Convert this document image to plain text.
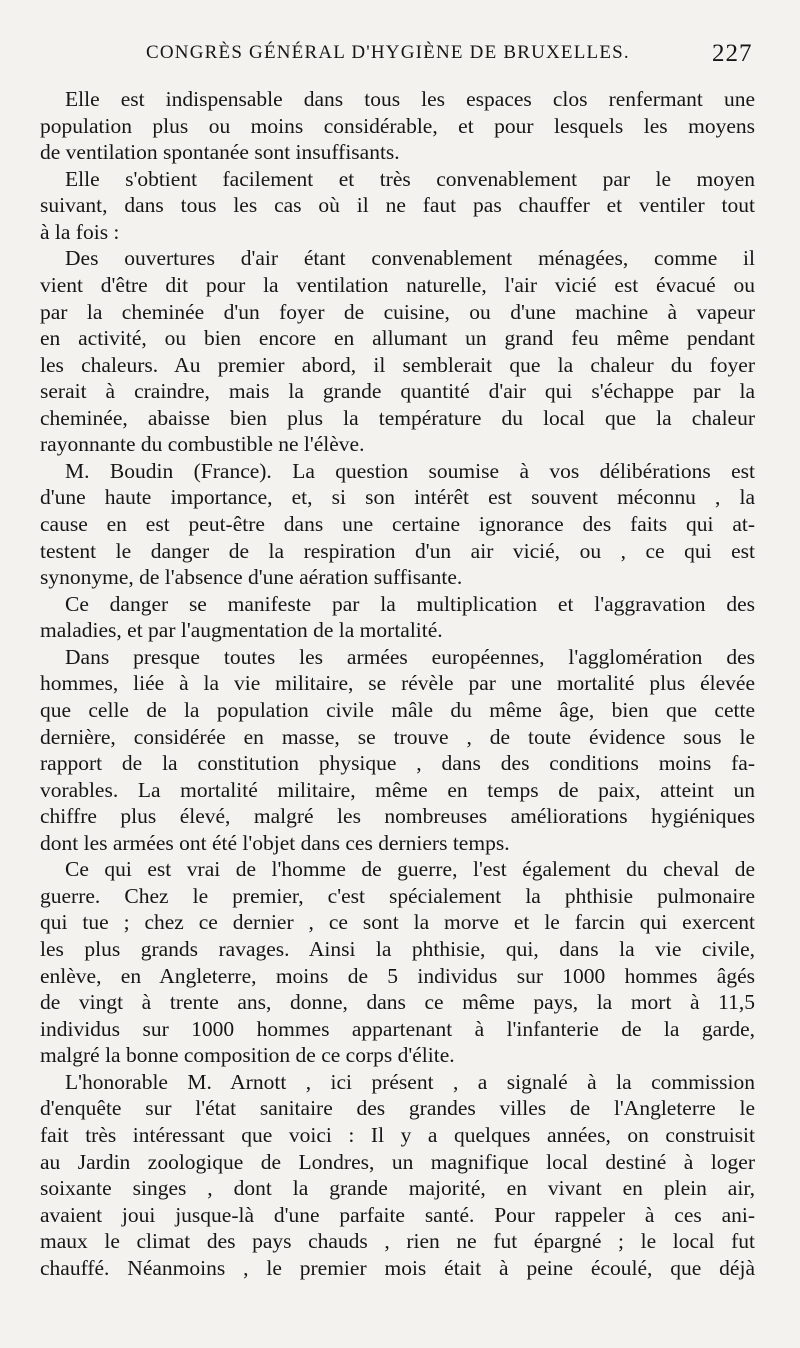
CONGRÈS GÉNÉRAL D'HYGIÈNE DE BRUXELLES.	227
Elle est indispensable dans tous les espaces clos renfermant une
population plus ou moins considérable, et pour lesquels les moyens
de ventilation spontanée sont insuffisants.
Elle s'obtient facilement et très convenablement par le moyen
suivant, dans tous les cas où il ne faut pas chauffer et ventiler tout
à la fois :
Des ouvertures d'air étant convenablement ménagées, comme il
vient d'être dit pour la ventilation naturelle, l'air vicié est évacué ou
par la cheminée d'un foyer de cuisine, ou d'une machine à vapeur
en activité, ou bien encore en allumant un grand feu même pendant
les chaleurs. Au premier abord, il semblerait que la chaleur du foyer
serait à craindre, mais la grande quantité d'air qui s'échappe par la
cheminée, abaisse bien plus la température du local que la chaleur
rayonnante du combustible ne l'élève.
M. Boudin (France). La question soumise à vos délibérations est
d'une haute importance, et, si son intérêt est souvent méconnu , la
cause en est peut-être dans une certaine ignorance des faits qui at-
testent le danger de la respiration d'un air vicié, ou , ce qui est
synonyme, de l'absence d'une aération suffisante.
Ce danger se manifeste par la multiplication et l'aggravation des
maladies, et par l'augmentation de la mortalité.
Dans presque toutes les armées européennes, l'agglomération des
hommes, liée à la vie militaire, se révèle par une mortalité plus élevée
que celle de la population civile mâle du même âge, bien que cette
dernière, considérée en masse, se trouve , de toute évidence sous le
rapport de la constitution physique , dans des conditions moins fa-
vorables. La mortalité militaire, même en temps de paix, atteint un
chiffre plus élevé, malgré les nombreuses améliorations hygiéniques
dont les armées ont été l'objet dans ces derniers temps.
Ce qui est vrai de l'homme de guerre, l'est également du cheval de
guerre. Chez le premier, c'est spécialement la phthisie pulmonaire
qui tue ; chez ce dernier , ce sont la morve et le farcin qui exercent
les plus grands ravages. Ainsi la phthisie, qui, dans la vie civile,
enlève, en Angleterre, moins de 5 individus sur 1000 hommes âgés
de vingt à trente ans, donne, dans ce même pays, la mort à 11,5
individus sur 1000 hommes appartenant à l'infanterie de la garde,
malgré la bonne composition de ce corps d'élite.
L'honorable M. Arnott , ici présent , a signalé à la commission
d'enquête sur l'état sanitaire des grandes villes de l'Angleterre le
fait très intéressant que voici : Il y a quelques années, on construisit
au Jardin zoologique de Londres, un magnifique local destiné à loger
soixante singes , dont la grande majorité, en vivant en plein air,
avaient joui jusque-là d'une parfaite santé. Pour rappeler à ces ani-
maux le climat des pays chauds , rien ne fut épargné ; le local fut
chauffé. Néanmoins , le premier mois était à peine écoulé, que déjà
